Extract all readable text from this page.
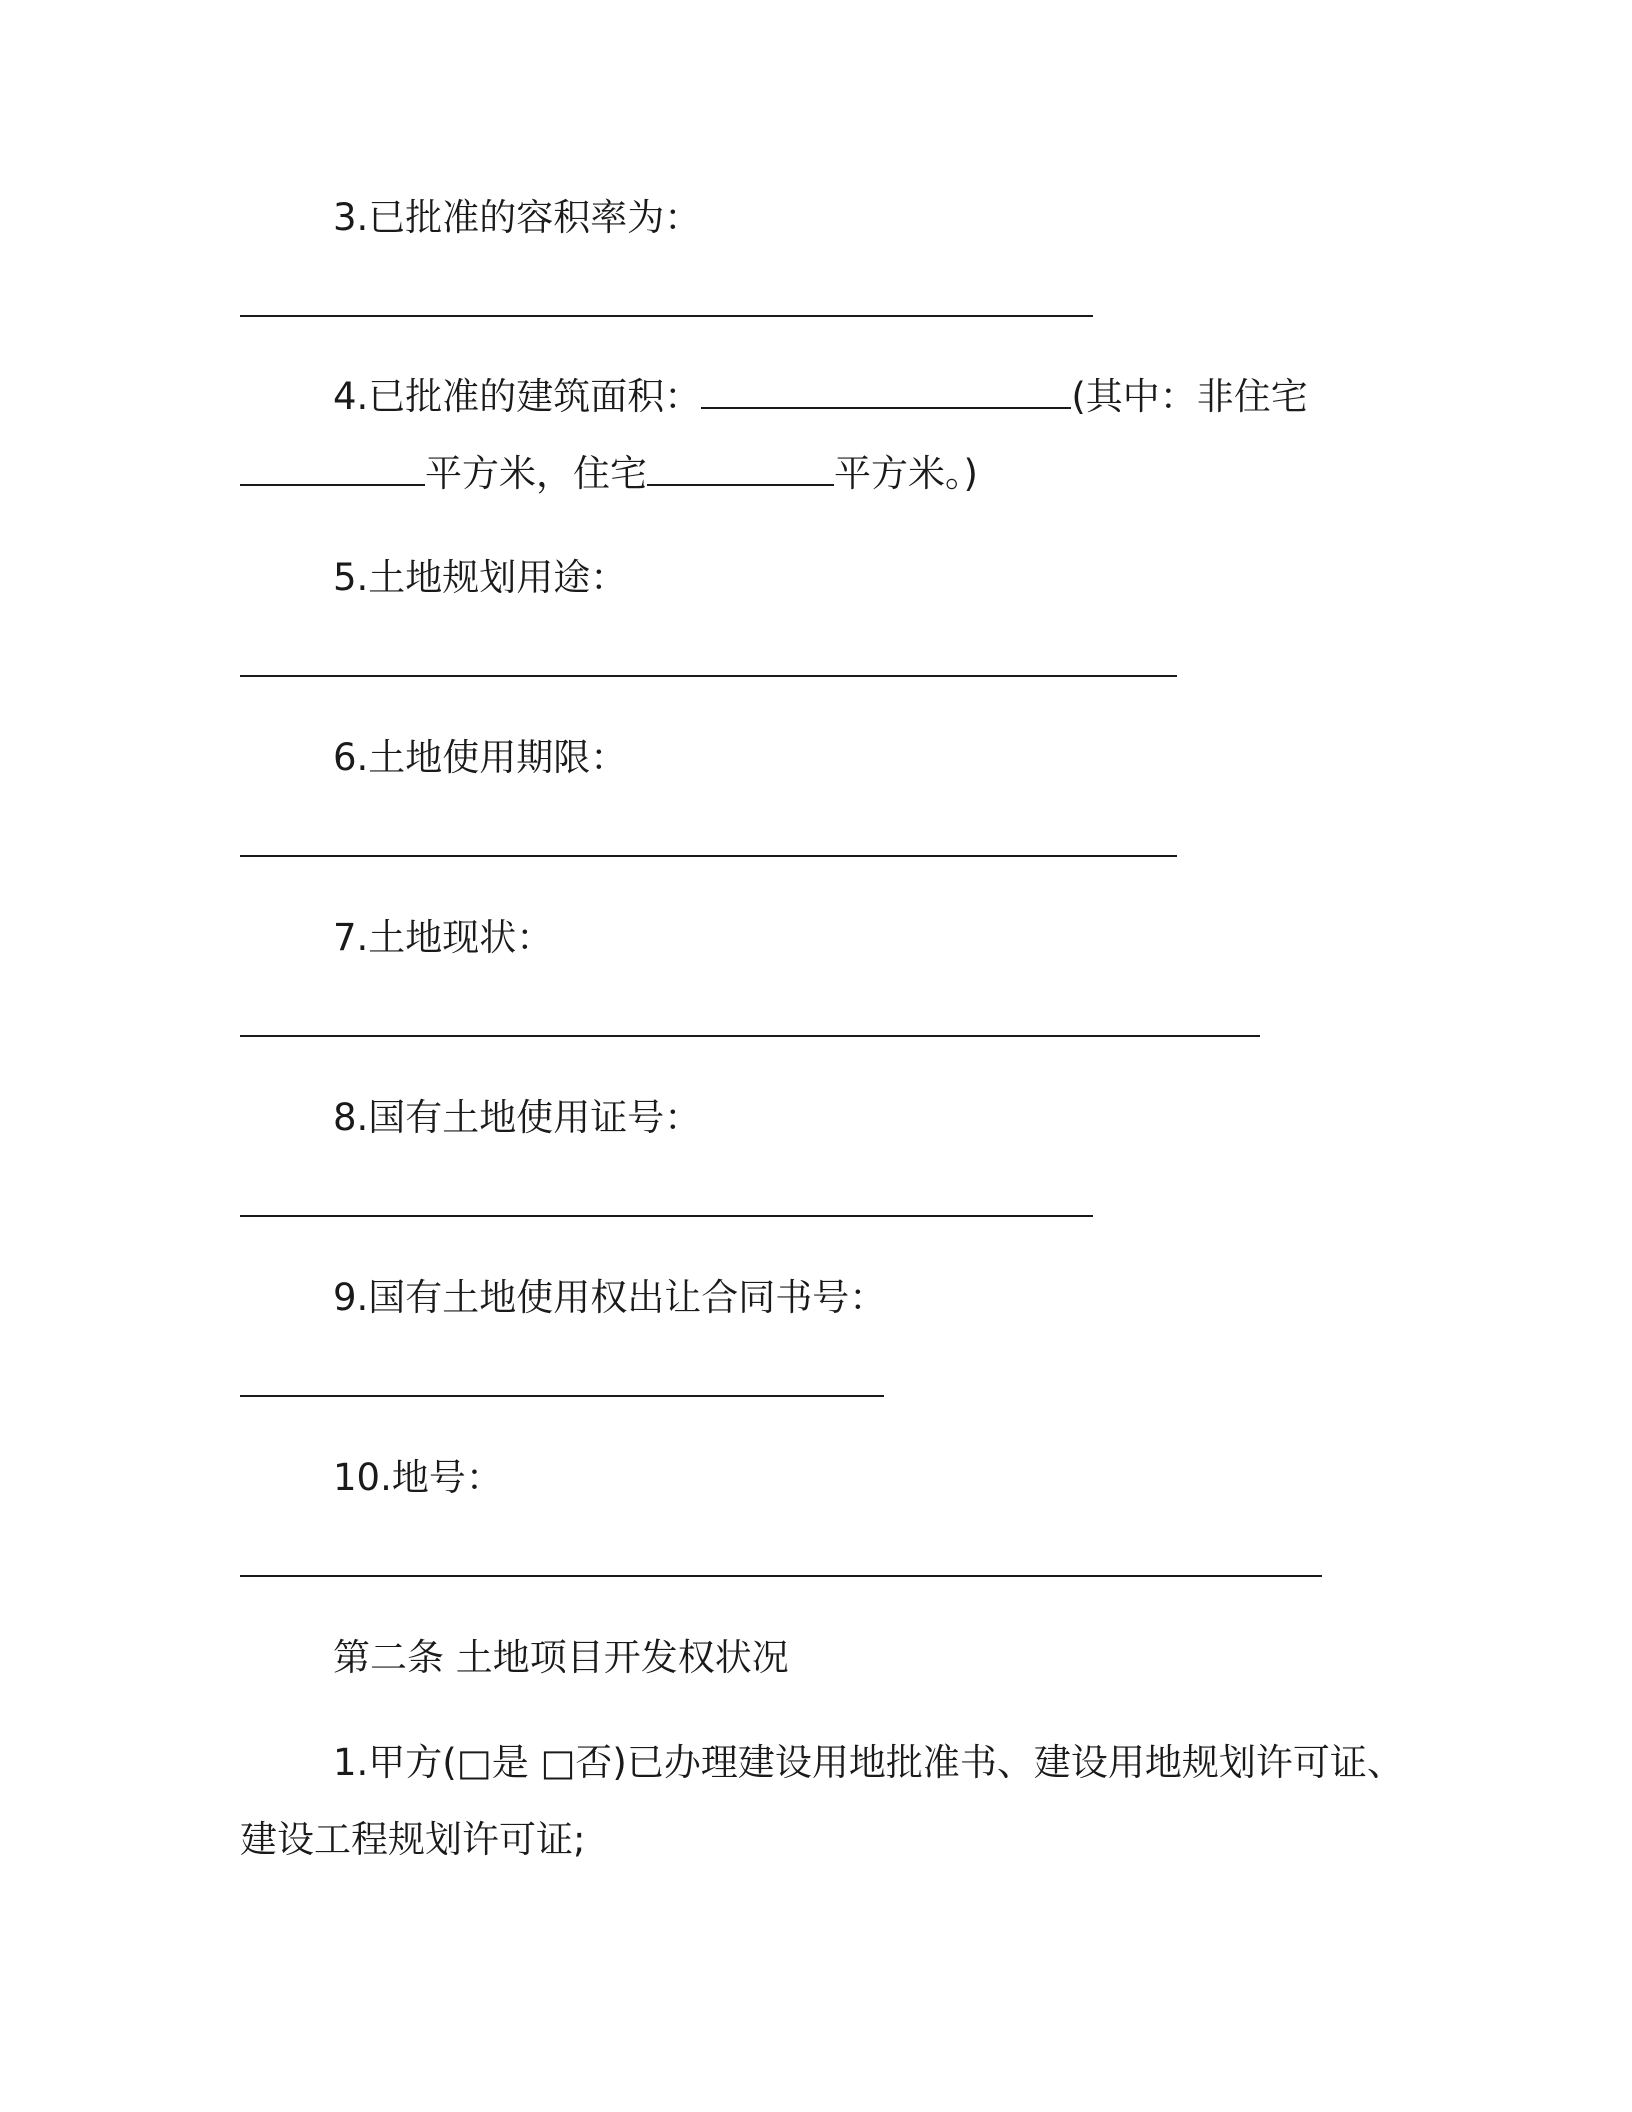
3.已批准的容积率为：
4.已批准的建筑面积：	(其中：非住宅
平方米，住宅	平方米。)
5.土地规划用途：
6.土地使用期限：
7.土地现状：
8.国有土地使用证号：
9.国有土地使用权出让合同书号：
10.地号：
第二条 土地项目开发权状况
1.甲方(□是 □否)已办理建设用地批准书、建设用地规划许可证、
建设工程规划许可证;
